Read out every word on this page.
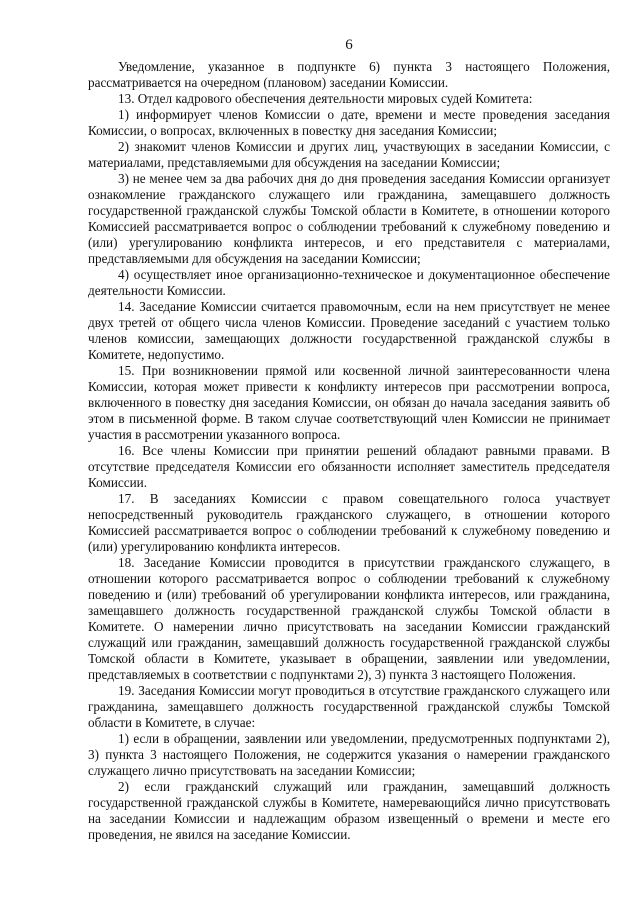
6

Уведомление, указанное в подпункте 6) пункта 3 настоящего Положения, рассматривается на очередном (плановом) заседании Комиссии.

13. Отдел кадрового обеспечения деятельности мировых судей Комитета:

1) информирует членов Комиссии о дате, времени и месте проведения заседания Комиссии, о вопросах, включенных в повестку дня заседания Комиссии;

2) знакомит членов Комиссии и других лиц, участвующих в заседании Комиссии, с материалами, представляемыми для обсуждения на заседании Комиссии;

3) не менее чем за два рабочих дня до дня проведения заседания Комиссии организует ознакомление гражданского служащего или гражданина, замещавшего должность государственной гражданской службы Томской области в Комитете, в отношении которого Комиссией рассматривается вопрос о соблюдении требований к служебному поведению и (или) урегулированию конфликта интересов, и его представителя с материалами, представляемыми для обсуждения на заседании Комиссии;

4) осуществляет иное организационно-техническое и документационное обеспечение деятельности Комиссии.

14. Заседание Комиссии считается правомочным, если на нем присутствует не менее двух третей от общего числа членов Комиссии. Проведение заседаний с участием только членов комиссии, замещающих должности государственной гражданской службы в Комитете, недопустимо.

15. При возникновении прямой или косвенной личной заинтересованности члена Комиссии, которая может привести к конфликту интересов при рассмотрении вопроса, включенного в повестку дня заседания Комиссии, он обязан до начала заседания заявить об этом в письменной форме. В таком случае соответствующий член Комиссии не принимает участия в рассмотрении указанного вопроса.

16. Все члены Комиссии при принятии решений обладают равными правами. В отсутствие председателя Комиссии его обязанности исполняет заместитель председателя Комиссии.

17. В заседаниях Комиссии с правом совещательного голоса участвует непосредственный руководитель гражданского служащего, в отношении которого Комиссией рассматривается вопрос о соблюдении требований к служебному поведению и (или) урегулированию конфликта интересов.

18. Заседание Комиссии проводится в присутствии гражданского служащего, в отношении которого рассматривается вопрос о соблюдении требований к служебному поведению и (или) требований об урегулировании конфликта интересов, или гражданина, замещавшего должность государственной гражданской службы Томской области в Комитете. О намерении лично присутствовать на заседании Комиссии гражданский служащий или гражданин, замещавший должность государственной гражданской службы Томской области в Комитете, указывает в обращении, заявлении или уведомлении, представляемых в соответствии с подпунктами 2), 3) пункта 3 настоящего Положения.

19. Заседания Комиссии могут проводиться в отсутствие гражданского служащего или гражданина, замещавшего должность государственной гражданской службы Томской области в Комитете, в случае:

1) если в обращении, заявлении или уведомлении, предусмотренных подпунктами 2), 3) пункта 3 настоящего Положения, не содержится указания о намерении гражданского служащего лично присутствовать на заседании Комиссии;

2) если гражданский служащий или гражданин, замещавший должность государственной гражданской службы в Комитете, намеревающийся лично присутствовать на заседании Комиссии и надлежащим образом извещенный о времени и месте его проведения, не явился на заседание Комиссии.
